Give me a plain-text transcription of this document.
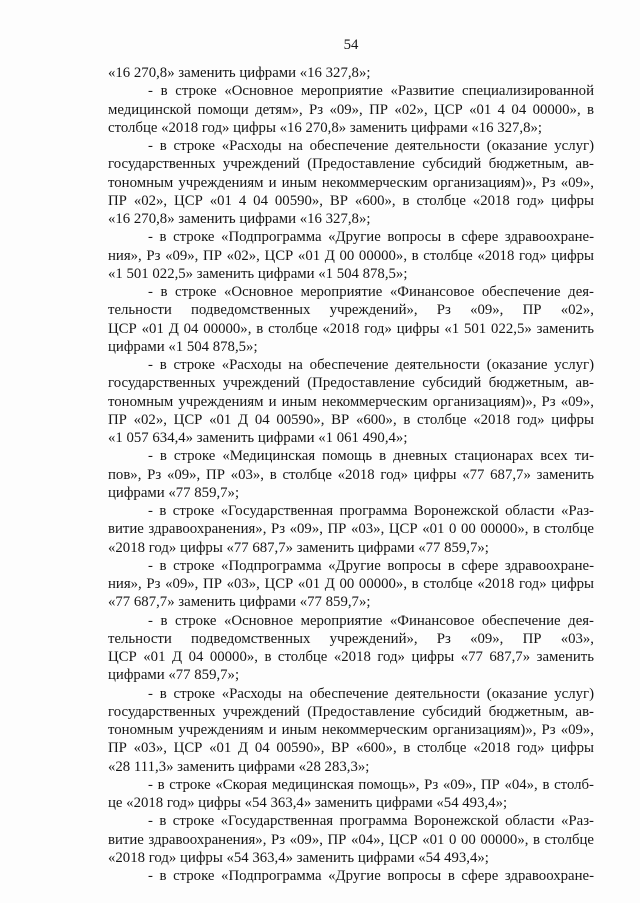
54
«16 270,8» заменить цифрами «16 327,8»;
- в строке «Основное мероприятие «Развитие специализированной
медицинской помощи детям», Рз «09», ПР «02», ЦСР «01 4 04 00000», в
столбце «2018 год» цифры «16 270,8» заменить цифрами «16 327,8»;
- в строке «Расходы на обеспечение деятельности (оказание услуг)
государственных учреждений (Предоставление субсидий бюджетным, ав-
тономным учреждениям и иным некоммерческим организациям)», Рз «09»,
ПР «02», ЦСР «01 4 04 00590», ВР «600», в столбце «2018 год» цифры
«16 270,8» заменить цифрами «16 327,8»;
- в строке «Подпрограмма «Другие вопросы в сфере здравоохране-
ния», Рз «09», ПР «02», ЦСР «01 Д 00 00000», в столбце «2018 год» цифры
«1 501 022,5» заменить цифрами «1 504 878,5»;
- в строке «Основное мероприятие «Финансовое обеспечение дея-
тельности подведомственных учреждений», Рз «09», ПР «02»,
ЦСР «01 Д 04 00000», в столбце «2018 год» цифры «1 501 022,5» заменить
цифрами «1 504 878,5»;
- в строке «Расходы на обеспечение деятельности (оказание услуг)
государственных учреждений (Предоставление субсидий бюджетным, ав-
тономным учреждениям и иным некоммерческим организациям)», Рз «09»,
ПР «02», ЦСР «01 Д 04 00590», ВР «600», в столбце «2018 год» цифры
«1 057 634,4» заменить цифрами «1 061 490,4»;
- в строке «Медицинская помощь в дневных стационарах всех ти-
пов», Рз «09», ПР «03», в столбце «2018 год» цифры «77 687,7» заменить
цифрами «77 859,7»;
- в строке «Государственная программа Воронежской области «Раз-
витие здравоохранения», Рз «09», ПР «03», ЦСР «01 0 00 00000», в столбце
«2018 год» цифры «77 687,7» заменить цифрами «77 859,7»;
- в строке «Подпрограмма «Другие вопросы в сфере здравоохране-
ния», Рз «09», ПР «03», ЦСР «01 Д 00 00000», в столбце «2018 год» цифры
«77 687,7» заменить цифрами «77 859,7»;
- в строке «Основное мероприятие «Финансовое обеспечение дея-
тельности подведомственных учреждений», Рз «09», ПР «03»,
ЦСР «01 Д 04 00000», в столбце «2018 год» цифры «77 687,7» заменить
цифрами «77 859,7»;
- в строке «Расходы на обеспечение деятельности (оказание услуг)
государственных учреждений (Предоставление субсидий бюджетным, ав-
тономным учреждениям и иным некоммерческим организациям)», Рз «09»,
ПР «03», ЦСР «01 Д 04 00590», ВР «600», в столбце «2018 год» цифры
«28 111,3» заменить цифрами «28 283,3»;
- в строке «Скорая медицинская помощь», Рз «09», ПР «04», в столб-
це «2018 год» цифры «54 363,4» заменить цифрами «54 493,4»;
- в строке «Государственная программа Воронежской области «Раз-
витие здравоохранения», Рз «09», ПР «04», ЦСР «01 0 00 00000», в столбце
«2018 год» цифры «54 363,4» заменить цифрами «54 493,4»;
- в строке «Подпрограмма «Другие вопросы в сфере здравоохране-
